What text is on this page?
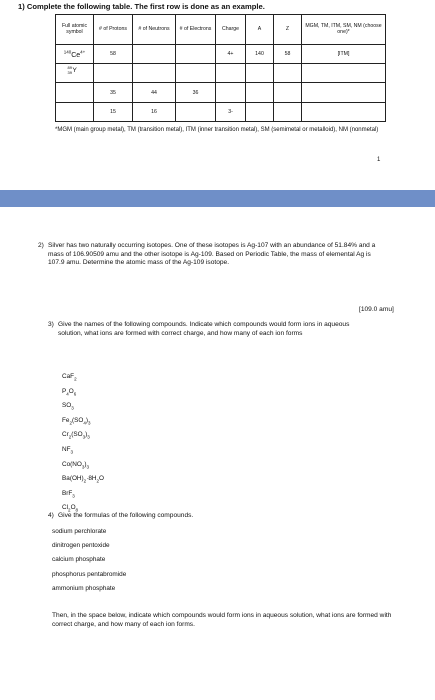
1) Complete the following table. The first row is done as an example.
Full atomic symbol	# of Protons	# of Neutrons	# of Electrons	Charge	A	Z	MGM, TM, ITM, SM, NM (choose one)*
$^{140}Ce^{4+}$	58			4+	140	58	[ITM]

89
39 Y							

	35	44	36				
	15	16		3-			
*MGM (main group metal), TM (transition metal), ITM (inner transition metal), SM (semimetal or metalloid), NM (nonmetal)
1
2) Silver has two naturally occurring isotopes. One of these isotopes is Ag-107 with an abundance of 51.84% and a mass of 106.90509 amu and the other isotope is Ag-109. Based on Periodic Table, the mass of elemental Ag is 107.9 amu. Determine the atomic mass of the Ag-109 isotope.
[109.0 amu]
3) Give the names of the following compounds. Indicate which compounds would form ions in aqueous solution, what ions are formed with correct charge, and how many of each ion forms
CaF$_2$
$P_4O_6$
$SO_3$
$Fe_2(SO_4)_3$
$Cr_2(SO_3)_3$
$NF_3$
$Co(NO_3)_3$
$Ba(OH)_2\cdot 8H_2O$
BrF$_3$
$Cl_2O_8$
4) Give the formulas of the following compounds.
sodium perchlorate
dinitrogen pentoxide
calcium phosphate
phosphorus pentabromide
ammonium phosphate
Then, in the space below, indicate which compounds would form ions in aqueous solution, what ions are formed with correct charge, and how many of each ion forms.
